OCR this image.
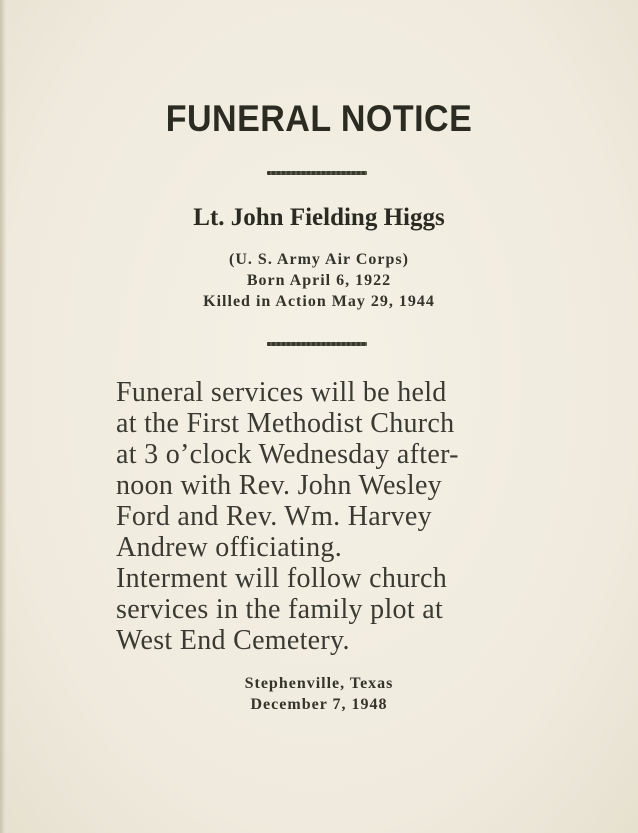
FUNERAL NOTICE
Lt. John Fielding Higgs
(U. S. Army Air Corps)
Born April 6, 1922
Killed in Action May 29, 1944
Funeral services will be held
at the First Methodist Church
at 3 o’clock Wednesday after-
noon with Rev. John Wesley
Ford and Rev. Wm. Harvey
Andrew officiating.
Interment will follow church
services in the family plot at
West End Cemetery.
Stephenville, Texas
December 7, 1948
